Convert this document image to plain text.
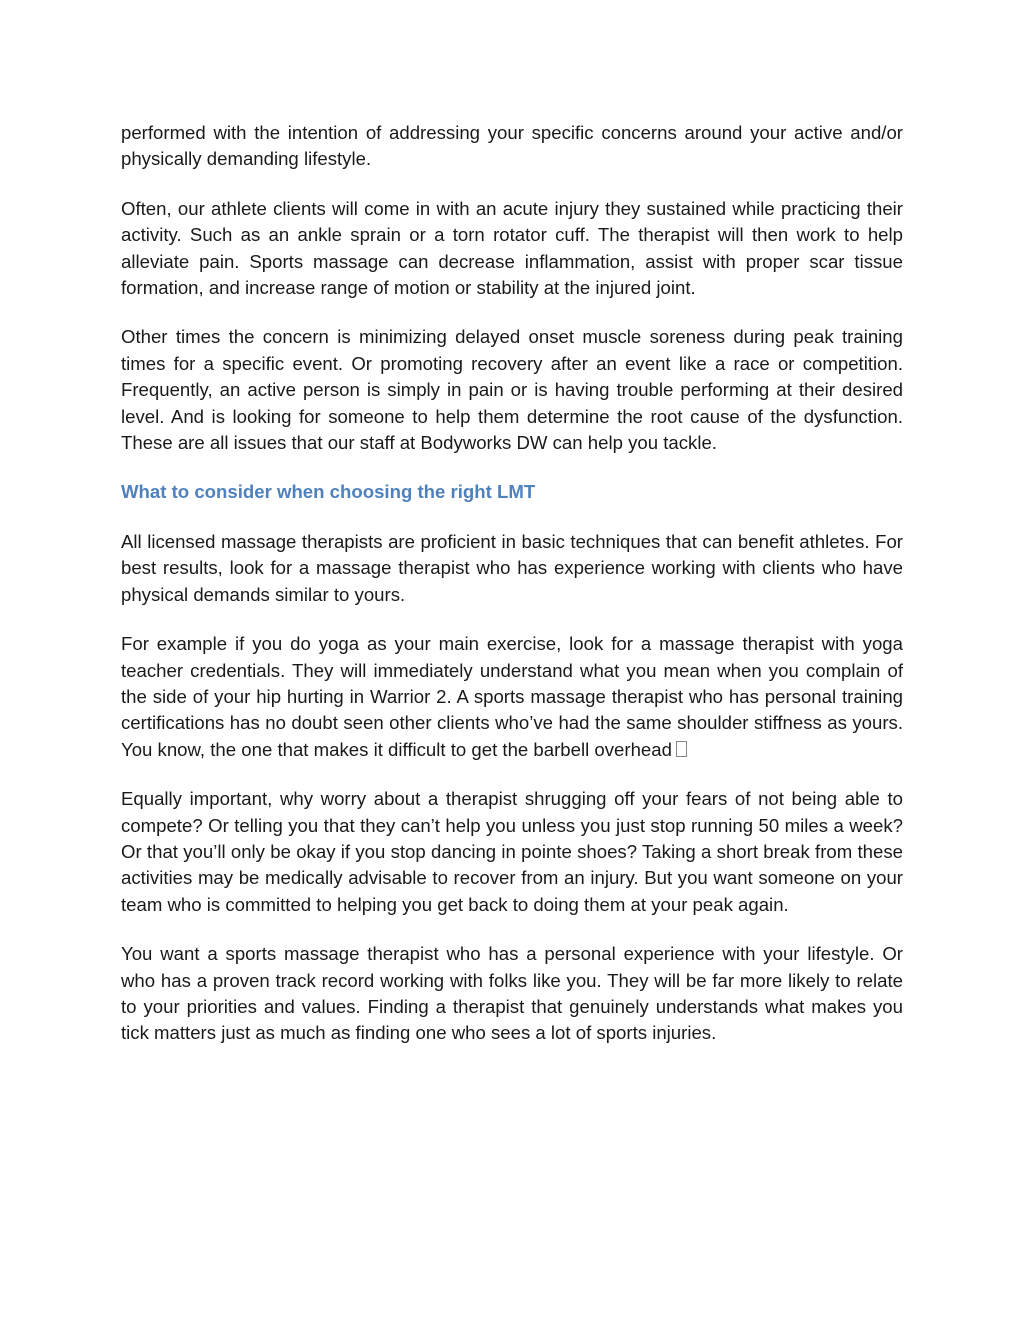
performed with the intention of addressing your specific concerns around your active and/or physically demanding lifestyle.

Often, our athlete clients will come in with an acute injury they sustained while practicing their activity. Such as an ankle sprain or a torn rotator cuff. The therapist will then work to help alleviate pain. Sports massage can decrease inflammation, assist with proper scar tissue formation, and increase range of motion or stability at the injured joint.

Other times the concern is minimizing delayed onset muscle soreness during peak training times for a specific event. Or promoting recovery after an event like a race or competition. Frequently, an active person is simply in pain or is having trouble performing at their desired level. And is looking for someone to help them determine the root cause of the dysfunction. These are all issues that our staff at Bodyworks DW can help you tackle.

What to consider when choosing the right LMT

All licensed massage therapists are proficient in basic techniques that can benefit athletes. For best results, look for a massage therapist who has experience working with clients who have physical demands similar to yours.

For example if you do yoga as your main exercise, look for a massage therapist with yoga teacher credentials. They will immediately understand what you mean when you complain of the side of your hip hurting in Warrior 2. A sports massage therapist who has personal training certifications has no doubt seen other clients who’ve had the same shoulder stiffness as yours. You know, the one that makes it difficult to get the barbell overhead

Equally important, why worry about a therapist shrugging off your fears of not being able to compete? Or telling you that they can’t help you unless you just stop running 50 miles a week? Or that you’ll only be okay if you stop dancing in pointe shoes? Taking a short break from these activities may be medically advisable to recover from an injury. But you want someone on your team who is committed to helping you get back to doing them at your peak again.

You want a sports massage therapist who has a personal experience with your lifestyle. Or who has a proven track record working with folks like you. They will be far more likely to relate to your priorities and values. Finding a therapist that genuinely understands what makes you tick matters just as much as finding one who sees a lot of sports injuries.
